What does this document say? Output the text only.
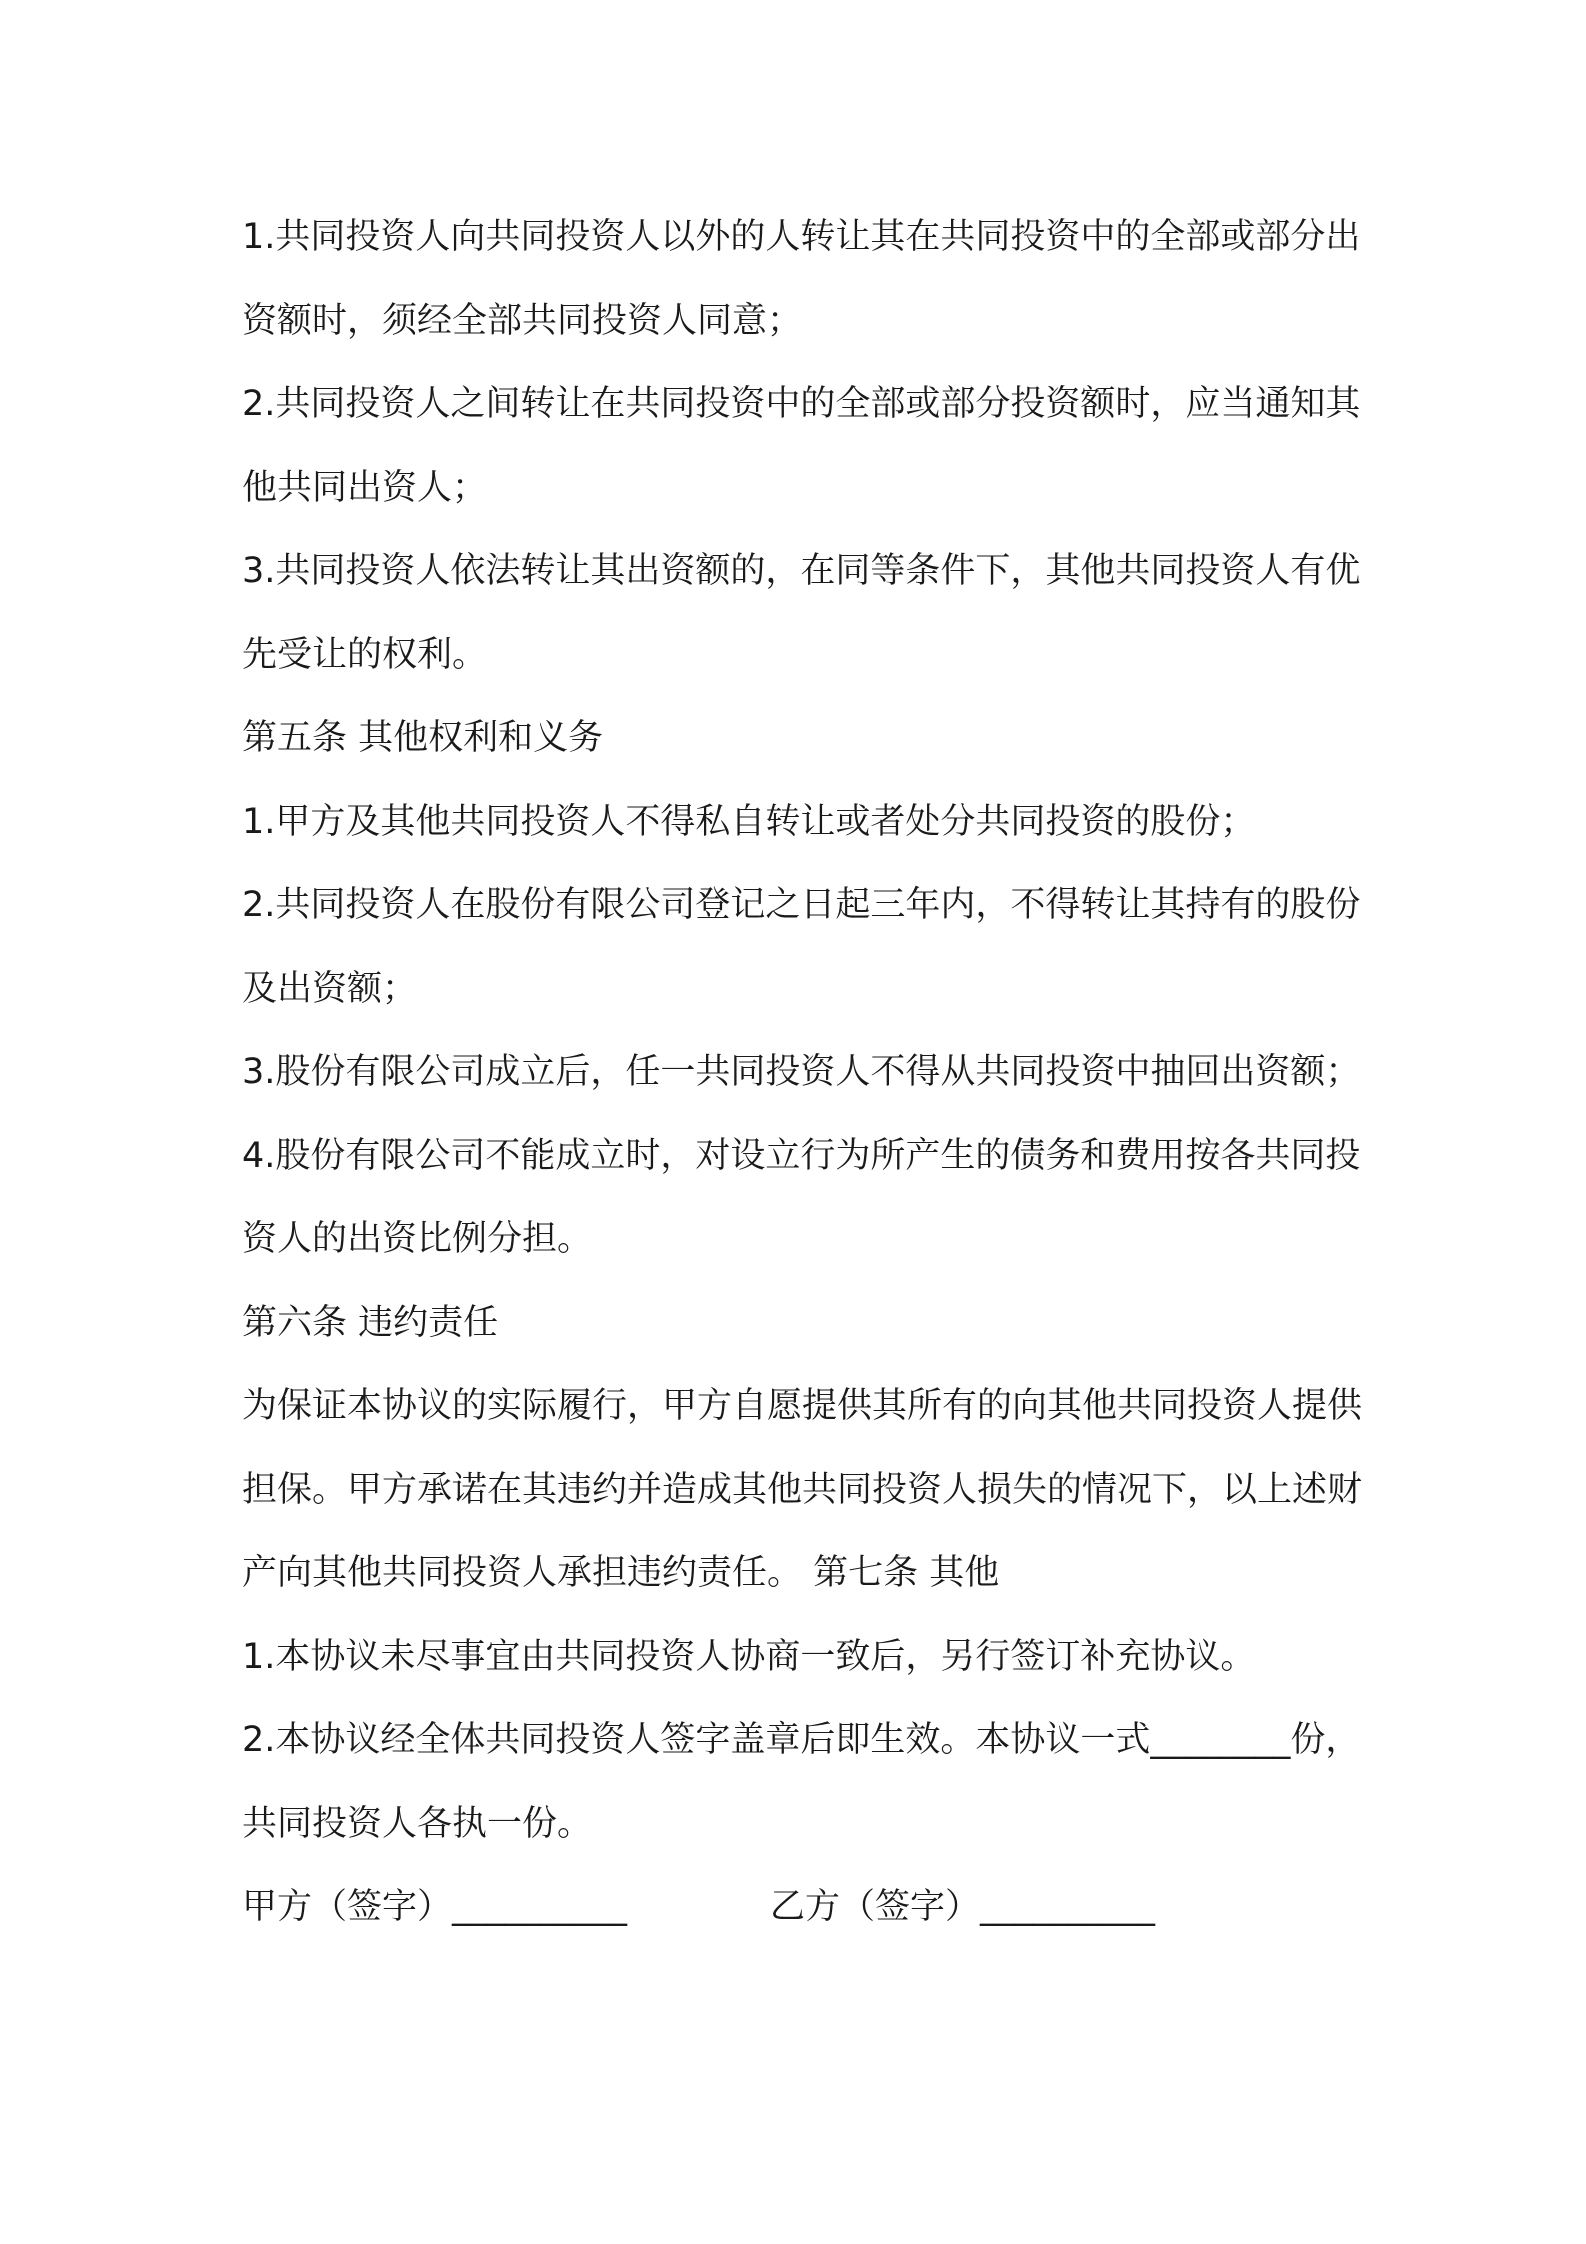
1.共同投资人向共同投资人以外的人转让其在共同投资中的全部或部分出资额时，须经全部共同投资人同意；

2.共同投资人之间转让在共同投资中的全部或部分投资额时，应当通知其他共同出资人；

3.共同投资人依法转让其出资额的，在同等条件下，其他共同投资人有优先受让的权利。

第五条 其他权利和义务

1.甲方及其他共同投资人不得私自转让或者处分共同投资的股份；

2.共同投资人在股份有限公司登记之日起三年内，不得转让其持有的股份及出资额；

3.股份有限公司成立后，任一共同投资人不得从共同投资中抽回出资额；

4.股份有限公司不能成立时，对设立行为所产生的债务和费用按各共同投资人的出资比例分担。

第六条 违约责任

为保证本协议的实际履行，甲方自愿提供其所有的向其他共同投资人提供担保。甲方承诺在其违约并造成其他共同投资人损失的情况下，以上述财产向其他共同投资人承担违约责任。 第七条 其他

1.本协议未尽事宜由共同投资人协商一致后，另行签订补充协议。

2.本协议经全体共同投资人签字盖章后即生效。本协议一式________份，共同投资人各执一份。

甲方（签字）__________	乙方（签字）__________
